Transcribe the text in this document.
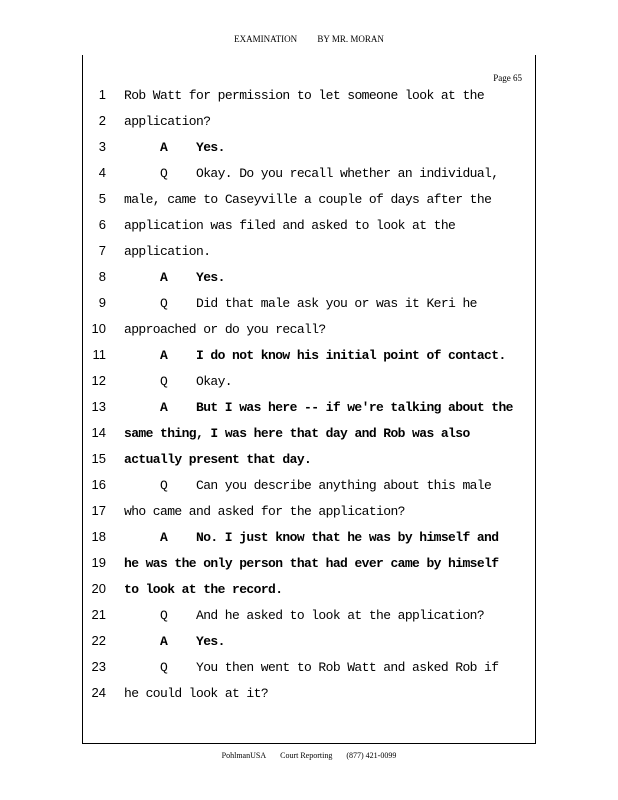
EXAMINATION BY MR. MORAN
Page 65
1 Rob Watt for permission to let someone look at the
2 application?
3	A Yes.
4	Q Okay. Do you recall whether an individual,
5 male, came to Caseyville a couple of days after the
6 application was filed and asked to look at the
7 application.
8	A Yes.
9	Q Did that male ask you or was it Keri he
10 approached or do you recall?
11	A I do not know his initial point of contact.
12	Q Okay.
13	A But I was here -- if we're talking about the
14 same thing, I was here that day and Rob was also
15 actually present that day.
16	Q Can you describe anything about this male
17 who came and asked for the application?
18	A No. I just know that he was by himself and
19 he was the only person that had ever came by himself
20 to look at the record.
21	Q And he asked to look at the application?
22	A Yes.
23	Q You then went to Rob Watt and asked Rob if
24 he could look at it?
PohlmanUSA Court Reporting (877) 421-0099
